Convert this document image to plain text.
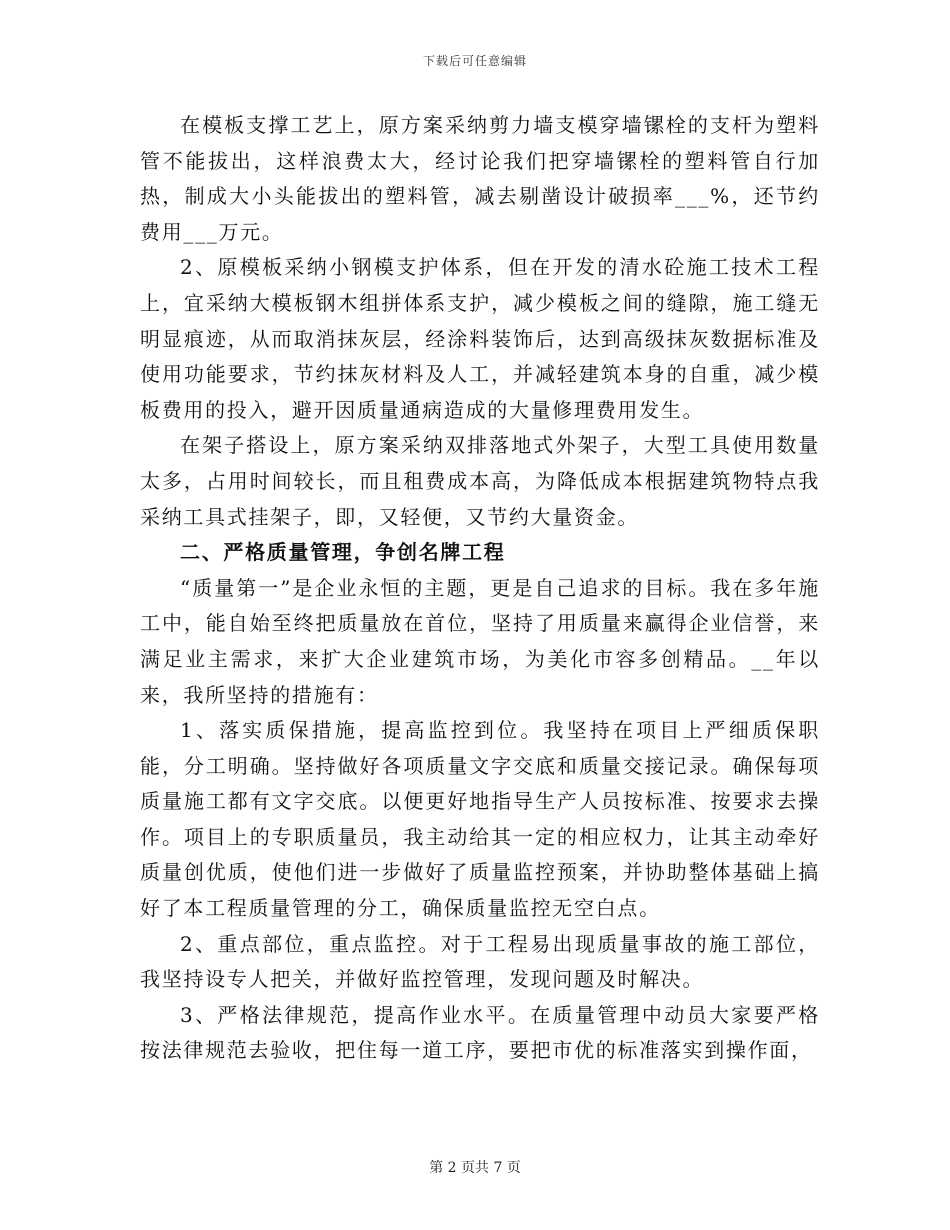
下载后可任意编辑

在模板支撑工艺上，原方案采纳剪力墙支模穿墙镙栓的支杆为塑料管不能拔出，这样浪费太大，经讨论我们把穿墙镙栓的塑料管自行加热，制成大小头能拔出的塑料管，减去剔凿设计破损率___%，还节约费用___万元。

2、原模板采纳小钢模支护体系，但在开发的清水砼施工技术工程上，宜采纳大模板钢木组拼体系支护，减少模板之间的缝隙，施工缝无明显痕迹，从而取消抹灰层，经涂料装饰后，达到高级抹灰数据标准及使用功能要求，节约抹灰材料及人工，并减轻建筑本身的自重，减少模板费用的投入，避开因质量通病造成的大量修理费用发生。

在架子搭设上，原方案采纳双排落地式外架子，大型工具使用数量太多，占用时间较长，而且租费成本高，为降低成本根据建筑物特点我采纳工具式挂架子，即，又轻便，又节约大量资金。

二、严格质量管理，争创名牌工程

“质量第一”是企业永恒的主题，更是自己追求的目标。我在多年施工中，能自始至终把质量放在首位，坚持了用质量来赢得企业信誉，来满足业主需求，来扩大企业建筑市场，为美化市容多创精品。__年以来，我所坚持的措施有：

1、落实质保措施，提高监控到位。我坚持在项目上严细质保职能，分工明确。坚持做好各项质量文字交底和质量交接记录。确保每项质量施工都有文字交底。以便更好地指导生产人员按标准、按要求去操作。项目上的专职质量员，我主动给其一定的相应权力，让其主动牵好质量创优质，使他们进一步做好了质量监控预案，并协助整体基础上搞好了本工程质量管理的分工，确保质量监控无空白点。

2、重点部位，重点监控。对于工程易出现质量事故的施工部位，我坚持设专人把关，并做好监控管理，发现问题及时解决。

3、严格法律规范，提高作业水平。在质量管理中动员大家要严格按法律规范去验收，把住每一道工序，要把市优的标准落实到操作面，

第 2 页共 7 页
